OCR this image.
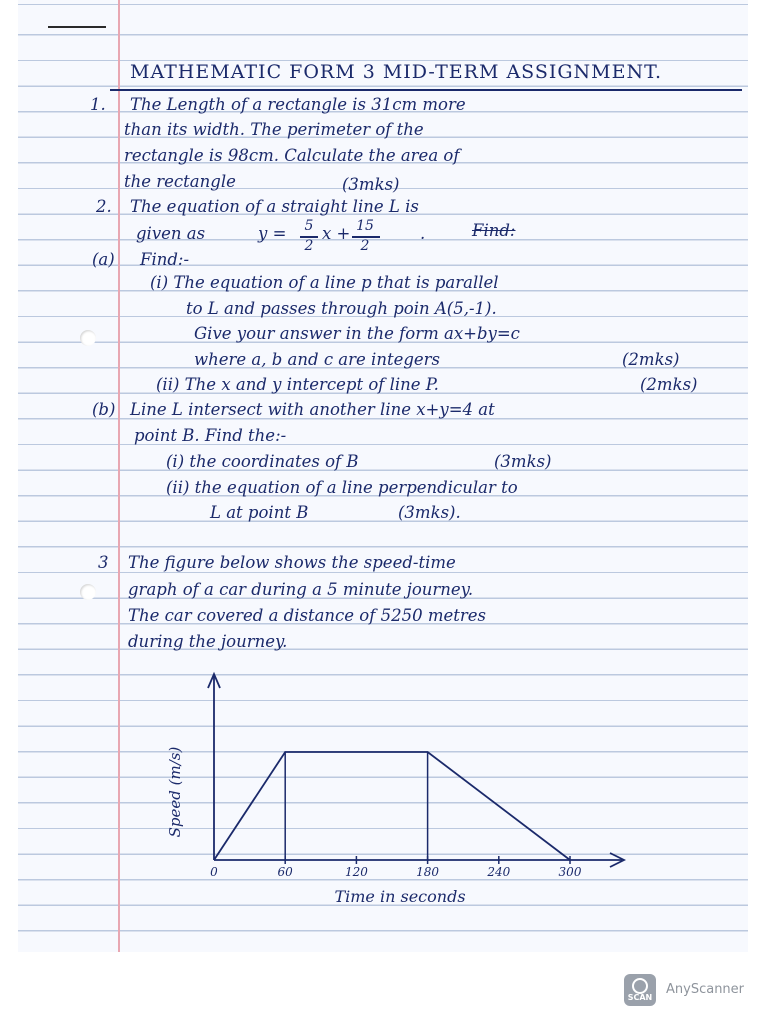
MATHEMATIC FORM 3 MID-TERM ASSIGNMENT.
1. The Length of a rectangle is 31cm more
than its width. The perimeter of the
rectangle is 98cm. Calculate the area of
the rectangle	(3mks)
2. The equation of a straight line L is
given as	y = 5
2
x + 15
2
.	Find:
(a) Find:-
(i) The equation of a line p that is parallel
to L and passes through poin A(5,-1).
Give your answer in the form ax+by=c
where a, b and c are integers	(2mks)
(ii) The x and y intercept of line P.	(2mks)
(b) Line L intersect with another line x+y=4 at
point B. Find the:-
(i) the coordinates of B	(3mks)
(ii) the equation of a line perpendicular to
L at point B	(3mks).
3 The figure below shows the speed-time
graph of a car during a 5 minute journey.
The car covered a distance of 5250 metres
during the journey.
0	60	120	180	240	300
Time in seconds
Speed (m/s)
SCAN
AnyScanner
